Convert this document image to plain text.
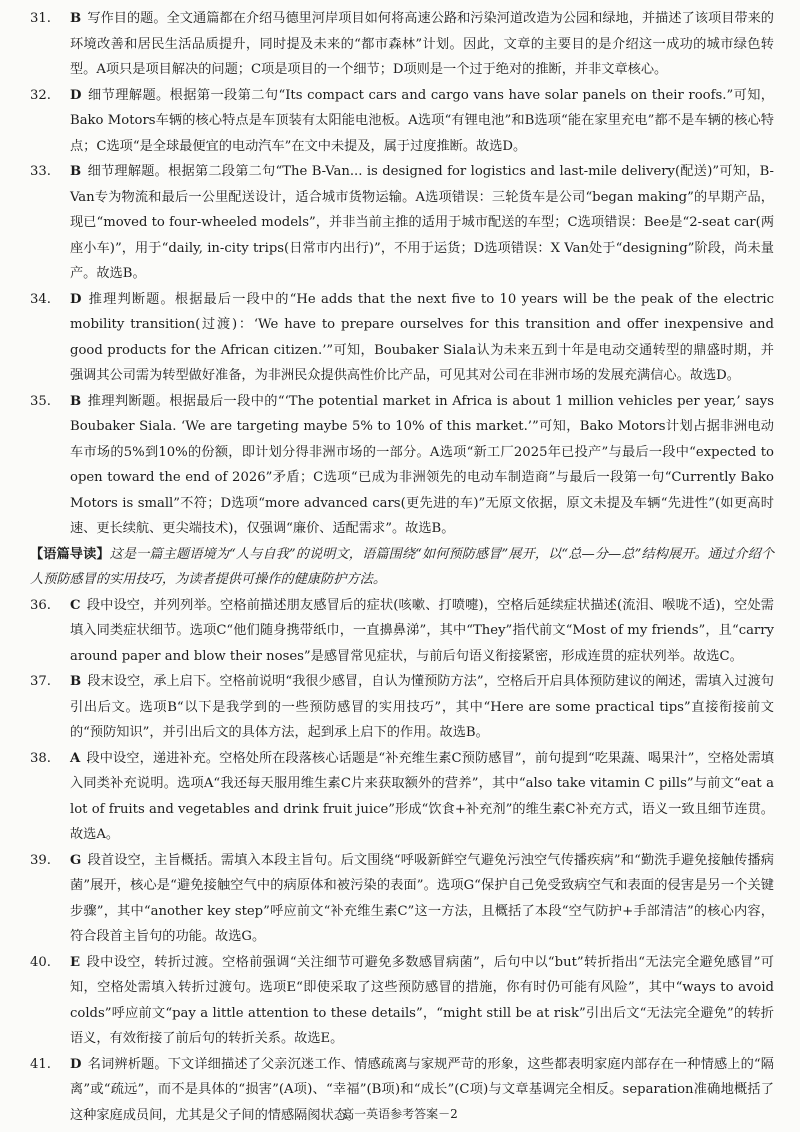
31.	B 写作目的题。全文通篇都在介绍马德里河岸项目如何将高速公路和污染河道改造为公园和绿地，并描述了该项目带来的环境改善和居民生活品质提升，同时提及未来的“都市森林”计划。因此，文章的主要目的是介绍这一成功的城市绿色转型。A项只是项目解决的问题；C项是项目的一个细节；D项则是一个过于绝对的推断，并非文章核心。
32.	D 细节理解题。根据第一段第二句“Its compact cars and cargo vans have solar panels on their roofs.”可知，Bako Motors车辆的核心特点是车顶装有太阳能电池板。A选项“有锂电池”和B选项“能在家里充电”都不是车辆的核心特点；C选项“是全球最便宜的电动汽车”在文中未提及，属于过度推断。故选D。
33.	B 细节理解题。根据第二段第二句“The B-Van... is designed for logistics and last-mile delivery(配送)”可知，B-Van专为物流和最后一公里配送设计，适合城市货物运输。A选项错误：三轮货车是公司“began making”的早期产品，现已“moved to four-wheeled models”，并非当前主推的适用于城市配送的车型；C选项错误：Bee是“2-seat car(两座小车)”，用于“daily, in-city trips(日常市内出行)”，不用于运货；D选项错误：X Van处于“designing”阶段，尚未量产。故选B。
34.	D 推理判断题。根据最后一段中的“He adds that the next five to 10 years will be the peak of the electric mobility transition(过渡)：‘We have to prepare ourselves for this transition and offer inexpensive and good products for the African citizen.’”可知，Boubaker Siala认为未来五到十年是电动交通转型的鼎盛时期，并强调其公司需为转型做好准备，为非洲民众提供高性价比产品，可见其对公司在非洲市场的发展充满信心。故选D。
35.	B 推理判断题。根据最后一段中的“‘The potential market in Africa is about 1 million vehicles per year,’ says Boubaker Siala. ‘We are targeting maybe 5% to 10% of this market.’”可知，Bako Motors计划占据非洲电动车市场的5%到10%的份额，即计划分得非洲市场的一部分。A选项“新工厂2025年已投产”与最后一段中“expected to open toward the end of 2026”矛盾；C选项“已成为非洲领先的电动车制造商”与最后一段第一句“Currently Bako Motors is small”不符；D选项“more advanced cars(更先进的车)”无原文依据，原文未提及车辆“先进性”(如更高时速、更长续航、更尖端技术)，仅强调“廉价、适配需求”。故选B。

【语篇导读】这是一篇主题语境为“人与自我”的说明文，语篇围绕“如何预防感冒”展开，以“总—分—总”结构展开。通过介绍个人预防感冒的实用技巧，为读者提供可操作的健康防护方法。

36.	C 段中设空，并列列举。空格前描述朋友感冒后的症状(咳嗽、打喷嚏)，空格后延续症状描述(流泪、喉咙不适)，空处需填入同类症状细节。选项C“他们随身携带纸巾，一直擤鼻涕”，其中“They”指代前文“Most of my friends”，且“carry around paper and blow their noses”是感冒常见症状，与前后句语义衔接紧密，形成连贯的症状列举。故选C。
37.	B 段末设空，承上启下。空格前说明“我很少感冒，自认为懂预防方法”，空格后开启具体预防建议的阐述，需填入过渡句引出后文。选项B“以下是我学到的一些预防感冒的实用技巧”，其中“Here are some practical tips”直接衔接前文的“预防知识”，并引出后文的具体方法，起到承上启下的作用。故选B。
38.	A 段中设空，递进补充。空格处所在段落核心话题是“补充维生素C预防感冒”，前句提到“吃果蔬、喝果汁”，空格处需填入同类补充说明。选项A“我还每天服用维生素C片来获取额外的营养”，其中“also take vitamin C pills”与前文“eat a lot of fruits and vegetables and drink fruit juice”形成“饮食+补充剂”的维生素C补充方式，语义一致且细节连贯。故选A。
39.	G 段首设空，主旨概括。需填入本段主旨句。后文围绕“呼吸新鲜空气避免污浊空气传播疾病”和“勤洗手避免接触传播病菌”展开，核心是“避免接触空气中的病原体和被污染的表面”。选项G“保护自己免受致病空气和表面的侵害是另一个关键步骤”，其中“another key step”呼应前文“补充维生素C”这一方法，且概括了本段“空气防护+手部清洁”的核心内容，符合段首主旨句的功能。故选G。
40.	E 段中设空，转折过渡。空格前强调“关注细节可避免多数感冒病菌”，后句中以“but”转折指出“无法完全避免感冒”可知，空格处需填入转折过渡句。选项E“即使采取了这些预防感冒的措施，你有时仍可能有风险”，其中“ways to avoid colds”呼应前文“pay a little attention to these details”，“might still be at risk”引出后文“无法完全避免”的转折语义，有效衔接了前后句的转折关系。故选E。
41.	D 名词辨析题。下文详细描述了父亲沉迷工作、情感疏离与家规严苛的形象，这些都表明家庭内部存在一种情感上的“隔离”或“疏远”，而不是具体的“损害”(A项)、“幸福”(B项)和“成长”(C项)与文章基调完全相反。separation准确地概括了这种家庭成员间，尤其是父子间的情感隔阂状态。
高一英语参考答案－2
